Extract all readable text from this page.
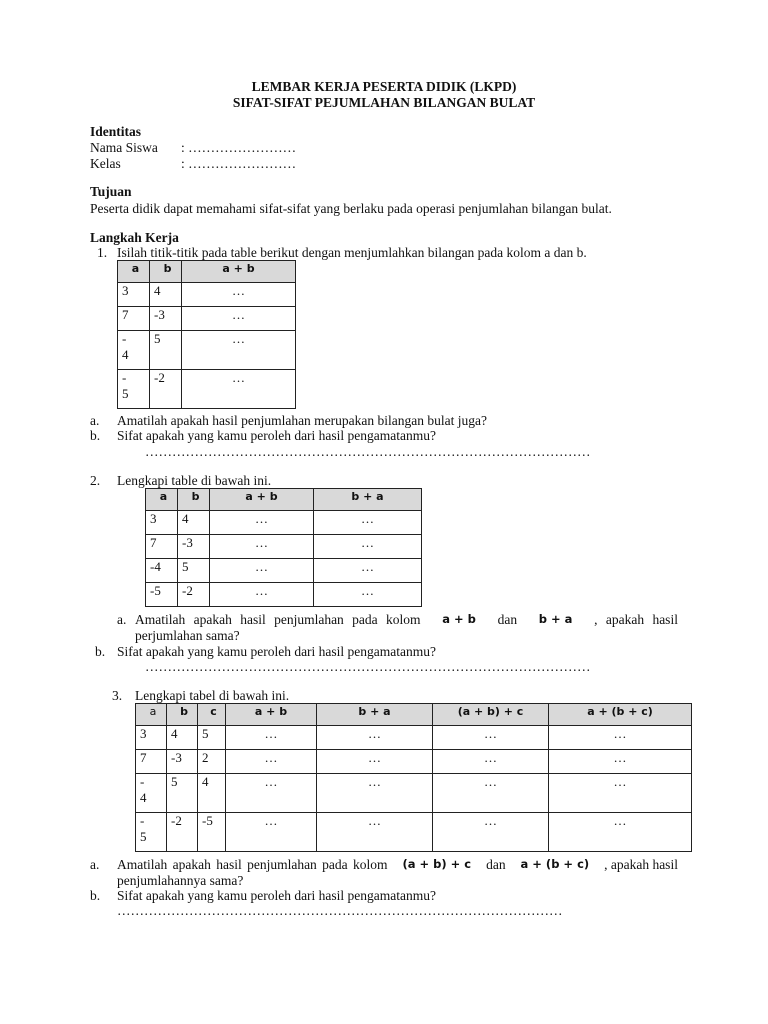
LEMBAR KERJA PESERTA DIDIK (LKPD)
SIFAT-SIFAT PEJUMLAHAN BILANGAN BULAT
Identitas
Nama Siswa : ……………………
Kelas	: ……………………
Tujuan
Peserta didik dapat memahami sifat-sifat yang berlaku pada operasi penjumlahan bilangan bulat.
Langkah Kerja
1. Isilah titik-titik pada table berikut dengan menjumlahkan bilangan pada kolom a dan b.
a	b	a + b
3	4	…
7	-3	…
-
4	5	…
-
5	-2	…
a. Amatilah apakah hasil penjumlahan merupakan bilangan bulat juga?
b. Sifat apakah yang kamu peroleh dari hasil pengamatanmu?
………………………………………………………………………………………
2. Lengkapi table di bawah ini.
a	b	a + b	b + a
3	4	…	…
7	-3	…	…
-4	5	…	…
-5	-2	…	…
a. Amatilah apakah hasil penjumlahan pada kolom a + b dan b + a , apakah hasil
perjumlahan sama?
b. Sifat apakah yang kamu peroleh dari hasil pengamatanmu?
………………………………………………………………………………………
3. Lengkapi tabel di bawah ini.
a	b	c	a + b	b + a	(a + b) + c	a + (b + c)
3	4	5	…	…	…	…
7	-3	2	…	…	…	…
-
4	5	4	…	…	…	…
-
5	-2	-5	…	…	…	…
a. Amatilah apakah hasil penjumlahan pada kolom (a + b) + c dan a + (b + c) , apakah hasil
penjumlahannya sama?
b. Sifat apakah yang kamu peroleh dari hasil pengamatanmu?
………………………………………………………………………………………
